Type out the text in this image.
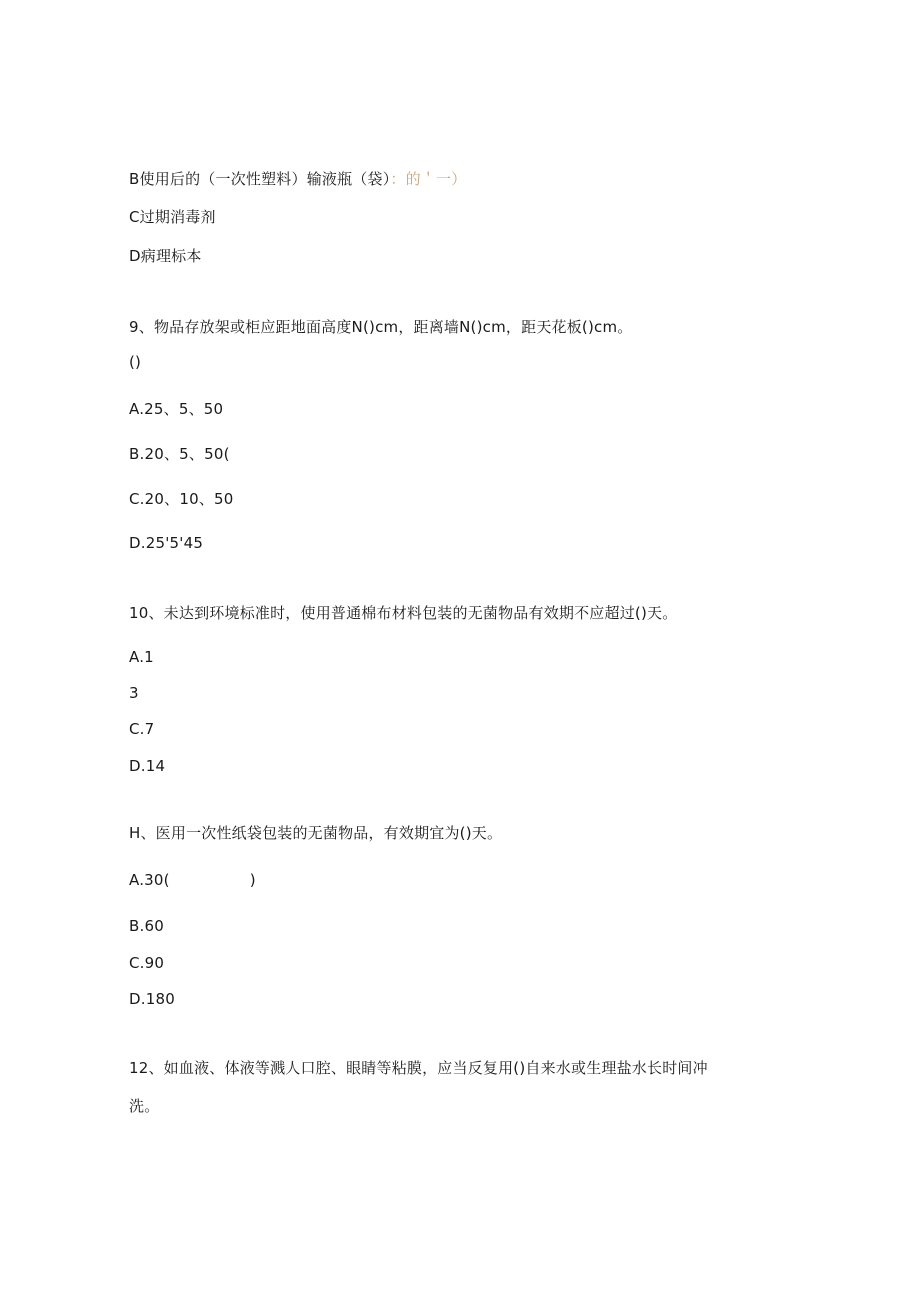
B使用后的（一次性塑料）输液瓶（袋）：的＇一）
C过期消毒剂
D病理标本
9、物品存放架或柜应距地面高度N()cm，距离墙N()cm，距天花板()cm。
()
A.25、5、50
B.20、5、50(
C.20、10、50
D.25'5'45
10、未达到环境标准时，使用普通棉布材料包装的无菌物品有效期不应超过()天。
A.1
3
C.7
D.14
H、医用一次性纸袋包装的无菌物品，有效期宜为()天。
A.30(	)
B.60
C.90
D.180
12、如血液、体液等溅人口腔、眼睛等粘膜，应当反复用()自来水或生理盐水长时间冲
洗。
